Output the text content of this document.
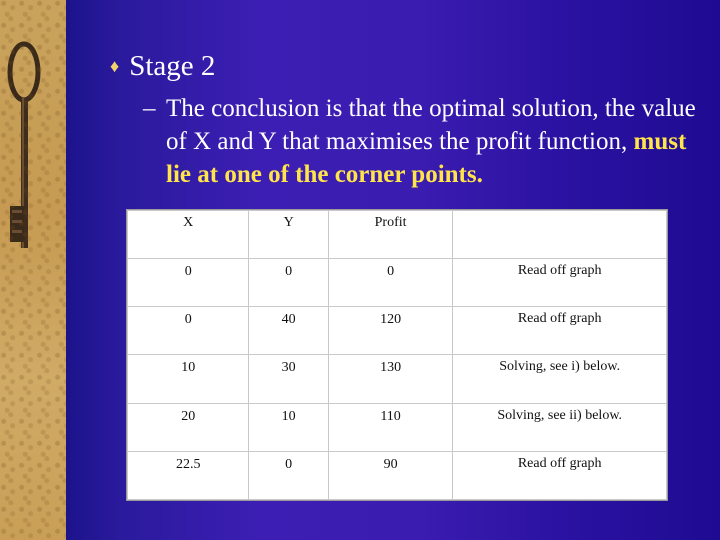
♦ Stage 2
– The conclusion is that the optimal solution, the value of X and Y that maximises the profit function, must lie at one of the corner points.
X	Y	Profit	
0	0	0	Read off graph
0	40	120	Read off graph
10	30	130	Solving, see i) below.
20	10	110	Solving, see ii) below.
22.5	0	90	Read off graph
